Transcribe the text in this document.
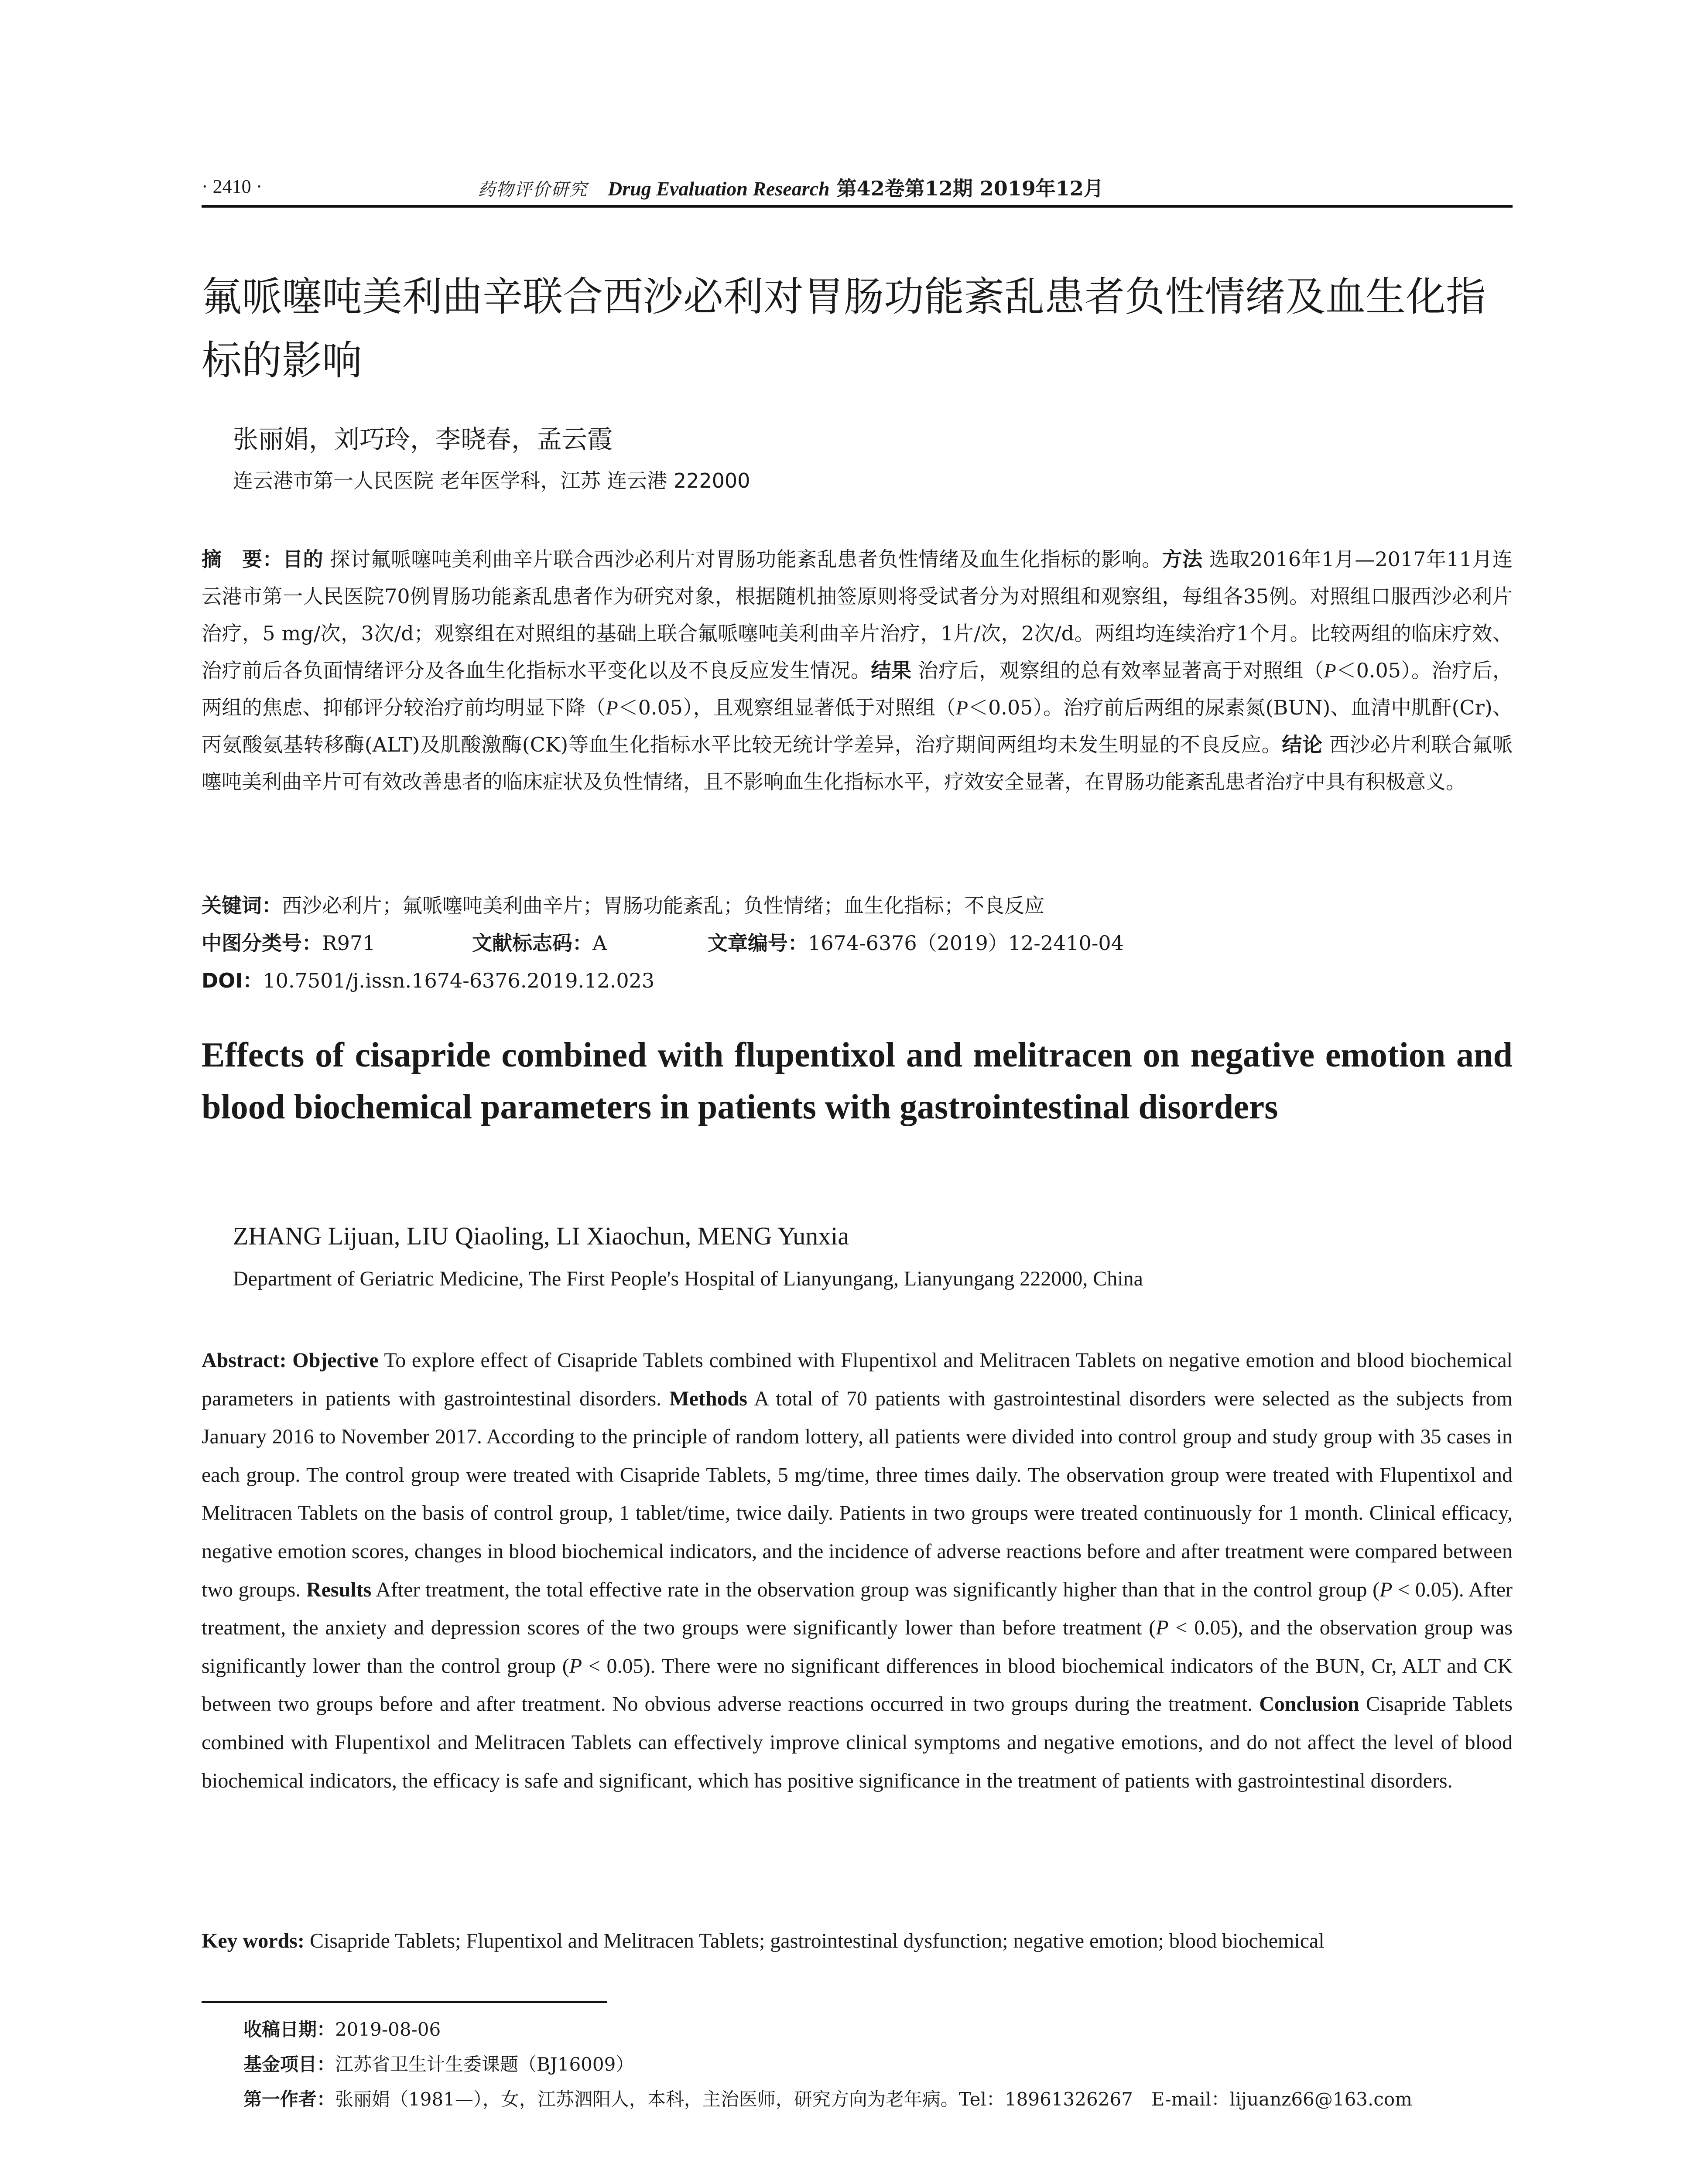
· 2410 ·	药物评价研究 Drug Evaluation Research 第42卷第12期 2019年12月
氟哌噻吨美利曲辛联合西沙必利对胃肠功能紊乱患者负性情绪及血生化指标的影响
张丽娟，刘巧玲，李晓春，孟云霞
连云港市第一人民医院 老年医学科，江苏 连云港 222000

摘　要：目的 探讨氟哌噻吨美利曲辛片联合西沙必利片对胃肠功能紊乱患者负性情绪及血生化指标的影响。方法 选取2016年1月—2017年11月连云港市第一人民医院70例胃肠功能紊乱患者作为研究对象，根据随机抽签原则将受试者分为对照组和观察组，每组各35例。对照组口服西沙必利片治疗，5 mg/次，3次/d；观察组在对照组的基础上联合氟哌噻吨美利曲辛片治疗，1片/次，2次/d。两组均连续治疗1个月。比较两组的临床疗效、治疗前后各负面情绪评分及各血生化指标水平变化以及不良反应发生情况。结果 治疗后，观察组的总有效率显著高于对照组（P＜0.05）。治疗后，两组的焦虑、抑郁评分较治疗前均明显下降（P＜0.05），且观察组显著低于对照组（P＜0.05）。治疗前后两组的尿素氮(BUN)、血清中肌酐(Cr)、丙氨酸氨基转移酶(ALT)及肌酸激酶(CK)等血生化指标水平比较无统计学差异，治疗期间两组均未发生明显的不良反应。结论 西沙必片利联合氟哌噻吨美利曲辛片可有效改善患者的临床症状及负性情绪，且不影响血生化指标水平，疗效安全显著，在胃肠功能紊乱患者治疗中具有积极意义。

关键词：西沙必利片；氟哌噻吨美利曲辛片；胃肠功能紊乱；负性情绪；血生化指标；不良反应
中图分类号：R971	文献标志码：A	文章编号：1674-6376（2019）12-2410-04
DOI：10.7501/j.issn.1674-6376.2019.12.023
Effects of cisapride combined with flupentixol and melitracen on negative emotion and blood biochemical parameters in patients with gastrointestinal disorders
ZHANG Lijuan, LIU Qiaoling, LI Xiaochun, MENG Yunxia
Department of Geriatric Medicine, The First People's Hospital of Lianyungang, Lianyungang 222000, China

Abstract: Objective To explore effect of Cisapride Tablets combined with Flupentixol and Melitracen Tablets on negative emotion and blood biochemical parameters in patients with gastrointestinal disorders. Methods A total of 70 patients with gastrointestinal disorders were selected as the subjects from January 2016 to November 2017. According to the principle of random lottery, all patients were divided into control group and study group with 35 cases in each group. The control group were treated with Cisapride Tablets, 5 mg/time, three times daily. The observation group were treated with Flupentixol and Melitracen Tablets on the basis of control group, 1 tablet/time, twice daily. Patients in two groups were treated continuously for 1 month. Clinical efficacy, negative emotion scores, changes in blood biochemical indicators, and the incidence of adverse reactions before and after treatment were compared between two groups. Results After treatment, the total effective rate in the observation group was significantly higher than that in the control group (P < 0.05). After treatment, the anxiety and depression scores of the two groups were significantly lower than before treatment (P < 0.05), and the observation group was significantly lower than the control group (P < 0.05). There were no significant differences in blood biochemical indicators of the BUN, Cr, ALT and CK between two groups before and after treatment. No obvious adverse reactions occurred in two groups during the treatment. Conclusion Cisapride Tablets combined with Flupentixol and Melitracen Tablets can effectively improve clinical symptoms and negative emotions, and do not affect the level of blood biochemical indicators, the efficacy is safe and significant, which has positive significance in the treatment of patients with gastrointestinal disorders.

Key words: Cisapride Tablets; Flupentixol and Melitracen Tablets; gastrointestinal dysfunction; negative emotion; blood biochemical
收稿日期：2019-08-06
基金项目：江苏省卫生计生委课题（BJ16009）
第一作者：张丽娟（1981—），女，江苏泗阳人，本科，主治医师，研究方向为老年病。Tel：18961326267　E-mail：lijuanz66@163.com
